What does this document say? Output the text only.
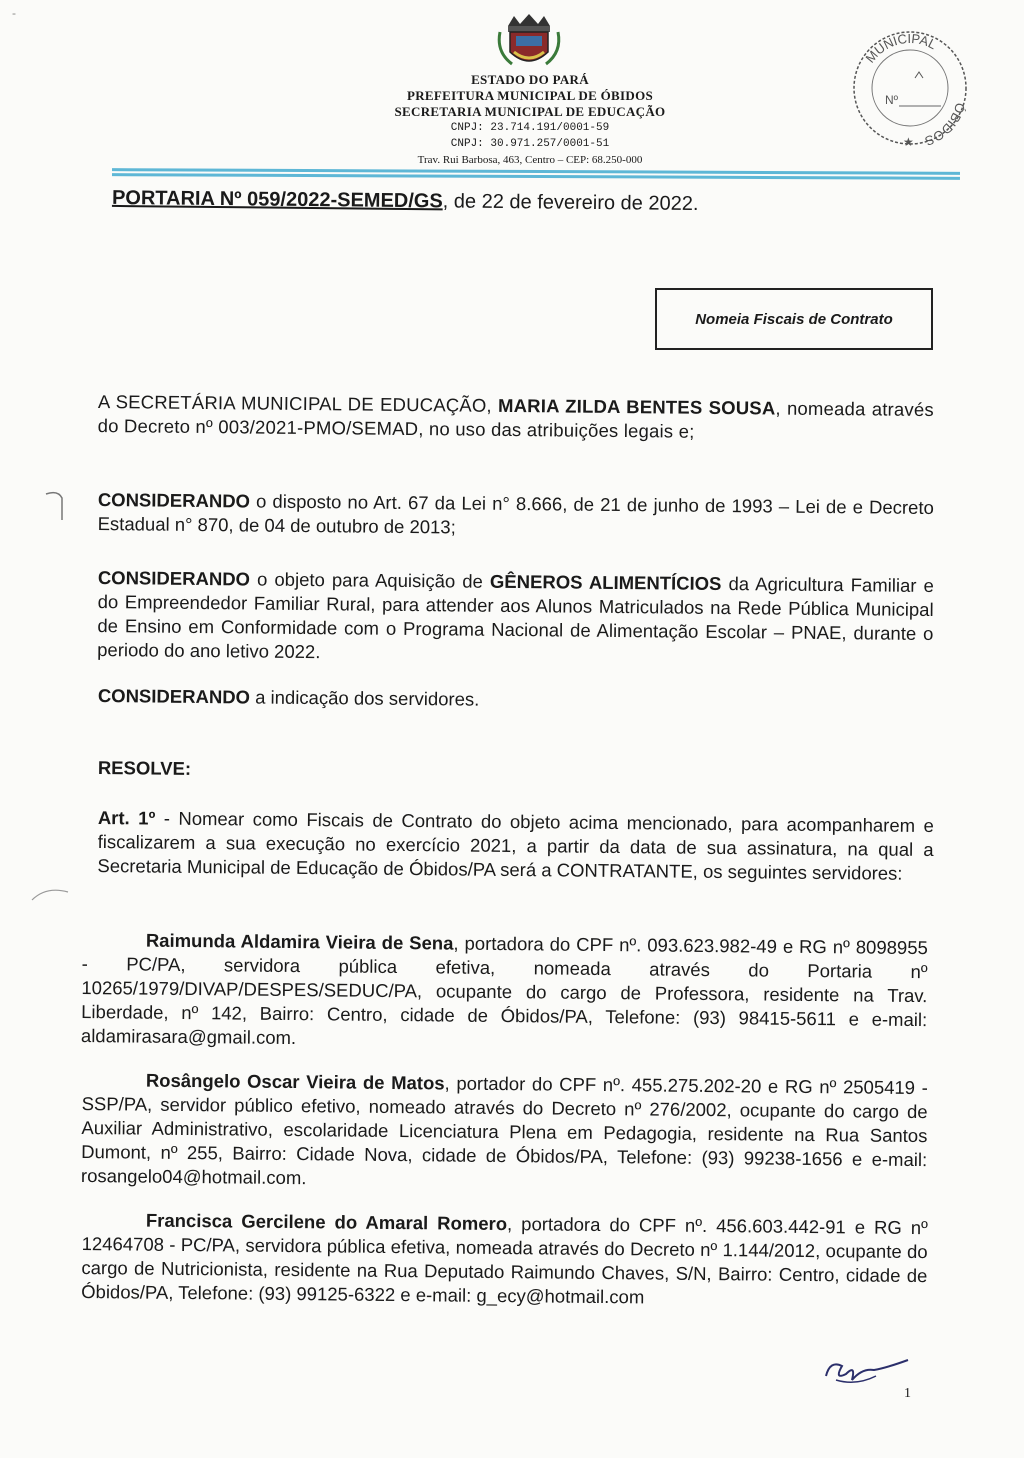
-
ESTADO DO PARÁ
PREFEITURA MUNICIPAL DE ÓBIDOS
SECRETARIA MUNICIPAL DE EDUCAÇÃO
CNPJ: 23.714.191/0001-59
CNPJ: 30.971.257/0001-51
Trav. Rui Barbosa, 463, Centro – CEP: 68.250-000
MUNICIPAL
ÓBIDOS
Nº
★
PORTARIA Nº 059/2022-SEMED/GS, de 22 de fevereiro de 2022.
Nomeia Fiscais de Contrato
A SECRETÁRIA MUNICIPAL DE EDUCAÇÃO, MARIA ZILDA BENTES SOUSA, nomeada através do Decreto nº 003/2021-PMO/SEMAD, no uso das atribuições legais e;
CONSIDERANDO o disposto no Art. 67 da Lei n° 8.666, de 21 de junho de 1993 – Lei de e Decreto Estadual n° 870, de 04 de outubro de 2013;
CONSIDERANDO o objeto para Aquisição de GÊNEROS ALIMENTÍCIOS da Agricultura Familiar e do Empreendedor Familiar Rural, para attender aos Alunos Matriculados na Rede Pública Municipal de Ensino em Conformidade com o Programa Nacional de Alimentação Escolar – PNAE, durante o periodo do ano letivo 2022.
CONSIDERANDO a indicação dos servidores.
RESOLVE:
Art. 1º - Nomear como Fiscais de Contrato do objeto acima mencionado, para acompanharem e fiscalizarem a sua execução no exercício 2021, a partir da data de sua assinatura, na qual a Secretaria Municipal de Educação de Óbidos/PA será a CONTRATANTE, os seguintes servidores:
Raimunda Aldamira Vieira de Sena, portadora do CPF nº. 093.623.982-49 e RG nº 8098955 - PC/PA, servidora pública efetiva, nomeada através do Portaria nº 10265/1979/DIVAP/DESPES/SEDUC/PA, ocupante do cargo de Professora, residente na Trav. Liberdade, nº 142, Bairro: Centro, cidade de Óbidos/PA, Telefone: (93) 98415-5611 e e-mail: aldamirasara@gmail.com.
Rosângelo Oscar Vieira de Matos, portador do CPF nº. 455.275.202-20 e RG nº 2505419 - SSP/PA, servidor público efetivo, nomeado através do Decreto nº 276/2002, ocupante do cargo de Auxiliar Administrativo, escolaridade Licenciatura Plena em Pedagogia, residente na Rua Santos Dumont, nº 255, Bairro: Cidade Nova, cidade de Óbidos/PA, Telefone: (93) 99238-1656 e e-mail: rosangelo04@hotmail.com.
Francisca Gercilene do Amaral Romero, portadora do CPF nº. 456.603.442-91 e RG nº 12464708 - PC/PA, servidora pública efetiva, nomeada através do Decreto nº 1.144/2012, ocupante do cargo de Nutricionista, residente na Rua Deputado Raimundo Chaves, S/N, Bairro: Centro, cidade de Óbidos/PA, Telefone: (93) 99125-6322 e e-mail: g_ecy@hotmail.com
1
